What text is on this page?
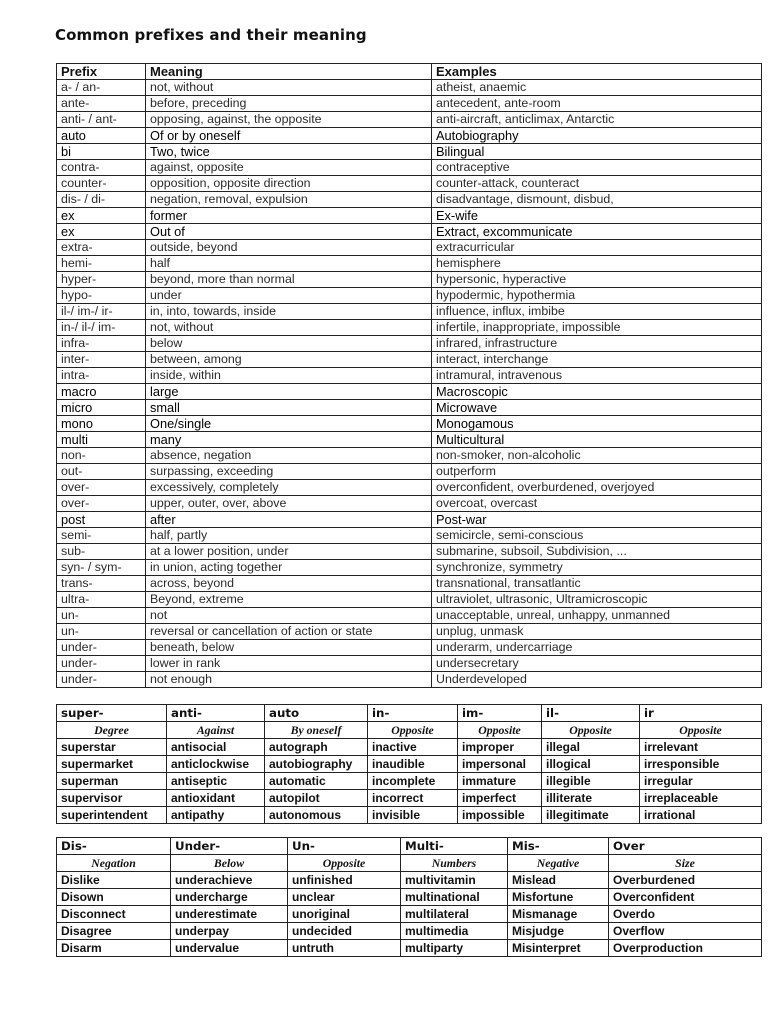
Common prefixes and their meaning
Prefix	Meaning	Examples
a- / an-	not, without	atheist, anaemic
ante-	before, preceding	antecedent, ante-room
anti- / ant-	opposing, against, the opposite	anti-aircraft, anticlimax, Antarctic
auto	Of or by oneself	Autobiography
bi	Two, twice	Bilingual
contra-	against, opposite	contraceptive
counter-	opposition, opposite direction	counter-attack, counteract
dis- / di-	negation, removal, expulsion	disadvantage, dismount, disbud,
ex	former	Ex-wife
ex	Out of	Extract, excommunicate
extra-	outside, beyond	extracurricular
hemi-	half	hemisphere
hyper-	beyond, more than normal	hypersonic, hyperactive
hypo-	under	hypodermic, hypothermia
il-/ im-/ ir-	in, into, towards, inside	influence, influx, imbibe
in-/ il-/ im-	not, without	infertile, inappropriate, impossible
infra-	below	infrared, infrastructure
inter-	between, among	interact, interchange
intra-	inside, within	intramural, intravenous
macro	large	Macroscopic
micro	small	Microwave
mono	One/single	Monogamous
multi	many	Multicultural
non-	absence, negation	non-smoker, non-alcoholic
out-	surpassing, exceeding	outperform
over-	excessively, completely	overconfident, overburdened, overjoyed
over-	upper, outer, over, above	overcoat, overcast
post	after	Post-war
semi-	half, partly	semicircle, semi-conscious
sub-	at a lower position, under	submarine, subsoil, Subdivision, ...
syn- / sym-	in union, acting together	synchronize, symmetry
trans-	across, beyond	transnational, transatlantic
ultra-	Beyond, extreme	ultraviolet, ultrasonic, Ultramicroscopic
un-	not	unacceptable, unreal, unhappy, unmanned
un-	reversal or cancellation of action or state	unplug, unmask
under-	beneath, below	underarm, undercarriage
under-	lower in rank	undersecretary
under-	not enough	Underdeveloped
super-	anti-	auto	in-	im-	il-	ir
Degree	Against	By oneself	Opposite	Opposite	Opposite	Opposite
superstar	antisocial	autograph	inactive	improper	illegal	irrelevant
supermarket	anticlockwise	autobiography	inaudible	impersonal	illogical	irresponsible
superman	antiseptic	automatic	incomplete	immature	illegible	irregular
supervisor	antioxidant	autopilot	incorrect	imperfect	illiterate	irreplaceable
superintendent	antipathy	autonomous	invisible	impossible	illegitimate	irrational
Dis-	Under-	Un-	Multi-	Mis-	Over
Negation	Below	Opposite	Numbers	Negative	Size
Dislike	underachieve	unfinished	multivitamin	Mislead	Overburdened
Disown	undercharge	unclear	multinational	Misfortune	Overconfident
Disconnect	underestimate	unoriginal	multilateral	Mismanage	Overdo
Disagree	underpay	undecided	multimedia	Misjudge	Overflow
Disarm	undervalue	untruth	multiparty	Misinterpret	Overproduction
